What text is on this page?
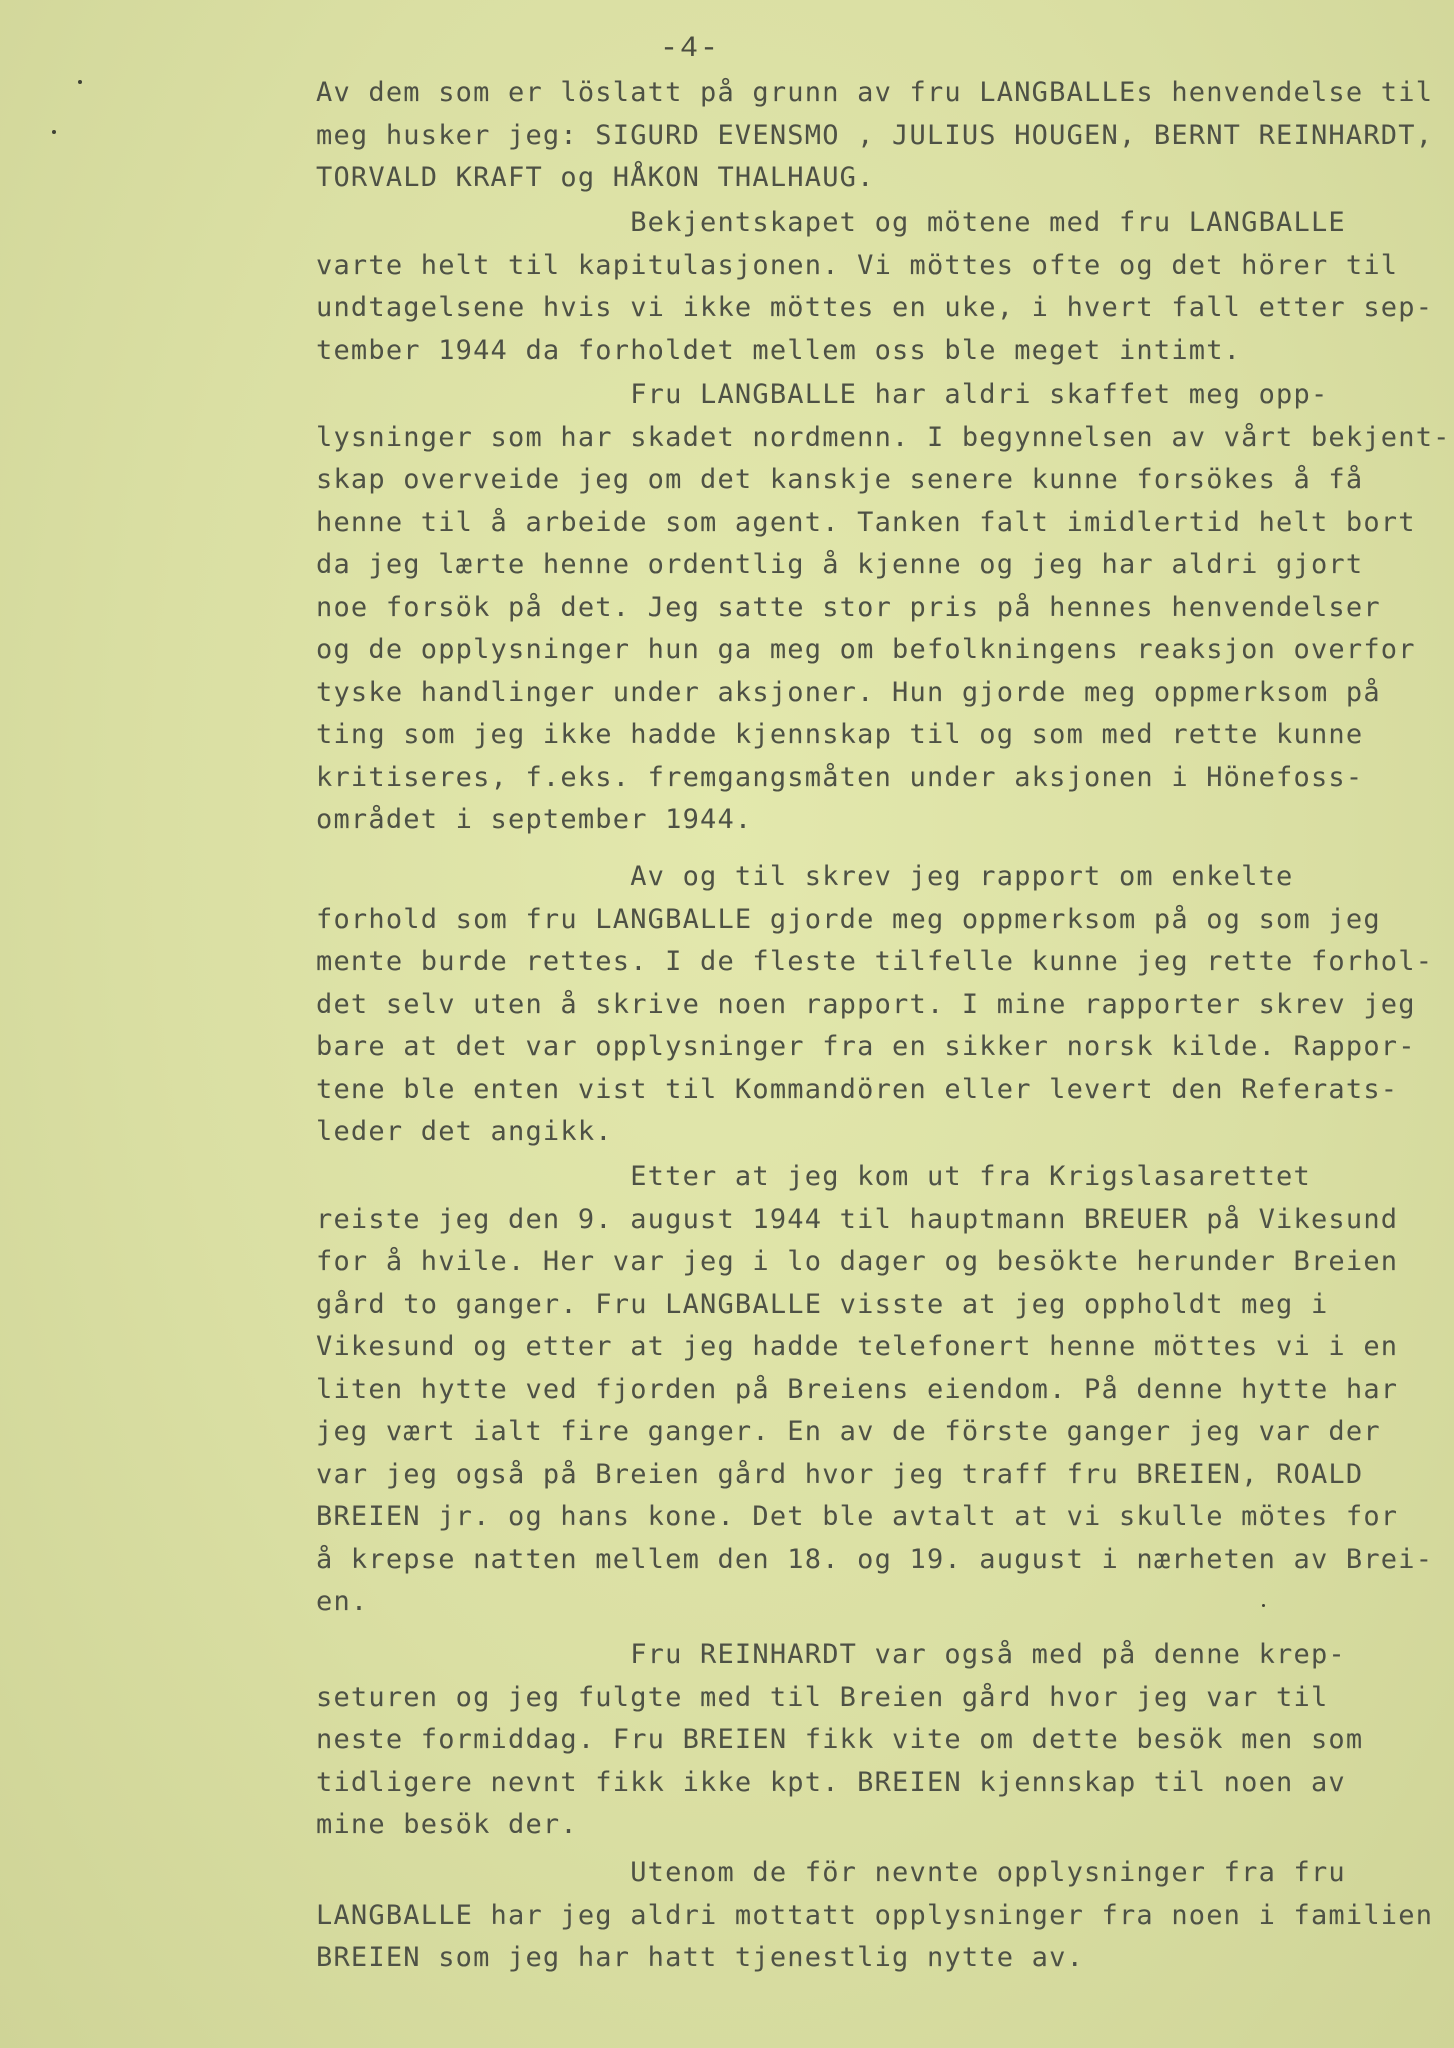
-4-
Av dem som er löslatt på grunn av fru LANGBALLEs henvendelse til
meg husker jeg: SIGURD EVENSMO , JULIUS HOUGEN, BERNT REINHARDT,
TORVALD KRAFT og HÅKON THALHAUG.
Bekjentskapet og mötene med fru LANGBALLE
varte helt til kapitulasjonen. Vi möttes ofte og det hörer til
undtagelsene hvis vi ikke möttes en uke, i hvert fall etter sep-
tember 1944 da forholdet mellem oss ble meget intimt.
Fru LANGBALLE har aldri skaffet meg opp-
lysninger som har skadet nordmenn. I begynnelsen av vårt bekjent-
skap overveide jeg om det kanskje senere kunne forsökes å få
henne til å arbeide som agent. Tanken falt imidlertid helt bort
da jeg lærte henne ordentlig å kjenne og jeg har aldri gjort
noe forsök på det. Jeg satte stor pris på hennes henvendelser
og de opplysninger hun ga meg om befolkningens reaksjon overfor
tyske handlinger under aksjoner. Hun gjorde meg oppmerksom på
ting som jeg ikke hadde kjennskap til og som med rette kunne
kritiseres, f.eks. fremgangsmåten under aksjonen i Hönefoss-
området i september 1944.
Av og til skrev jeg rapport om enkelte
forhold som fru LANGBALLE gjorde meg oppmerksom på og som jeg
mente burde rettes. I de fleste tilfelle kunne jeg rette forhol-
det selv uten å skrive noen rapport. I mine rapporter skrev jeg
bare at det var opplysninger fra en sikker norsk kilde. Rappor-
tene ble enten vist til Kommandören eller levert den Referats-
leder det angikk.
Etter at jeg kom ut fra Krigslasarettet
reiste jeg den 9. august 1944 til hauptmann BREUER på Vikesund
for å hvile. Her var jeg i lo dager og besökte herunder Breien
gård to ganger. Fru LANGBALLE visste at jeg oppholdt meg i
Vikesund og etter at jeg hadde telefonert henne möttes vi i en
liten hytte ved fjorden på Breiens eiendom. På denne hytte har
jeg vært ialt fire ganger. En av de förste ganger jeg var der
var jeg også på Breien gård hvor jeg traff fru BREIEN, ROALD
BREIEN jr. og hans kone. Det ble avtalt at vi skulle mötes for
å krepse natten mellem den 18. og 19. august i nærheten av Brei-
en.
Fru REINHARDT var også med på denne krep-
seturen og jeg fulgte med til Breien gård hvor jeg var til
neste formiddag. Fru BREIEN fikk vite om dette besök men som
tidligere nevnt fikk ikke kpt. BREIEN kjennskap til noen av
mine besök der.
Utenom de för nevnte opplysninger fra fru
LANGBALLE har jeg aldri mottatt opplysninger fra noen i familien
BREIEN som jeg har hatt tjenestlig nytte av.
